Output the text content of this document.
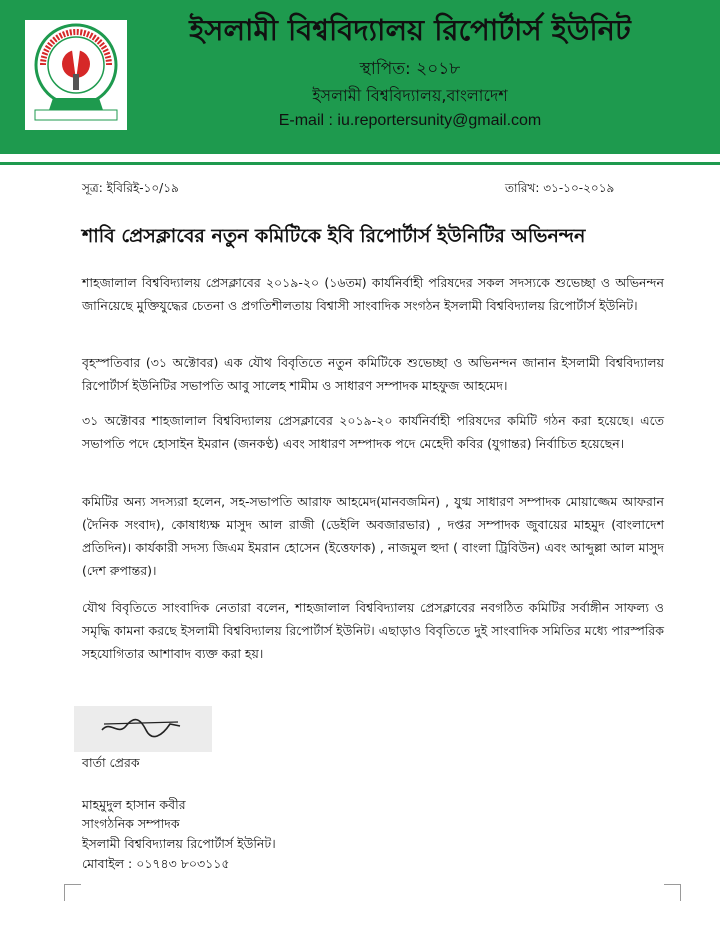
ইসলামী বিশ্ববিদ্যালয় রিপোর্টার্স ইউনিট
স্থাপিত: ২০১৮
ইসলামী বিশ্ববিদ্যালয়,বাংলাদেশ
E-mail : iu.reportersunity@gmail.com
সূত্র: ইবিরিই-১০/১৯	তারিখ: ৩১-১০-২০১৯
শাবি প্রেসক্লাবের নতুন কমিটিকে ইবি রিপোর্টার্স ইউনিটির অভিনন্দন

শাহজালাল বিশ্ববিদ্যালয় প্রেসক্লাবের ২০১৯-২০ (১৬তম) কার্যনির্বাহী পরিষদের সকল সদস্যকে শুভেচ্ছা ও অভিনন্দন জানিয়েছে মুক্তিযুদ্ধের চেতনা ও প্রগতিশীলতায় বিশ্বাসী সাংবাদিক সংগঠন ইসলামী বিশ্ববিদ্যালয় রিপোর্টার্স ইউনিট।

বৃহস্পতিবার (৩১ অক্টোবর) এক যৌথ বিবৃতিতে নতুন কমিটিকে শুভেচ্ছা ও অভিনন্দন জানান ইসলামী বিশ্ববিদ্যালয় রিপোর্টার্স ইউনিটির সভাপতি আবু সালেহ শামীম ও সাধারণ সম্পাদক মাহফুজ আহমেদ।

৩১ অক্টোবর শাহজালাল বিশ্ববিদ্যালয় প্রেসক্লাবের ২০১৯-২০ কার্যনির্বাহী পরিষদের কমিটি গঠন করা হয়েছে। এতে সভাপতি পদে হোসাইন ইমরান (জনকণ্ঠ) এবং সাধারণ সম্পাদক পদে মেহেদী কবির (যুগান্তর) নির্বাচিত হয়েছেন।

কমিটির অন্য সদস্যরা হলেন, সহ-সভাপতি আরাফ আহমেদ(মানবজমিন) , যুগ্ম সাধারণ সম্পাদক মোয়াজ্জেম আফরান (দৈনিক সংবাদ), কোষাধ্যক্ষ মাসুদ আল রাজী (ডেইলি অবজারভার) , দপ্তর সম্পাদক জুবায়ের মাহমুদ (বাংলাদেশ প্রতিদিন)। কার্যকারী সদস্য জিএম ইমরান হোসেন (ইত্তেফাক) , নাজমুল হুদা ( বাংলা ট্রিবিউন) এবং আব্দুল্লা আল মাসুদ (দেশ রুপান্তর)।

যৌথ বিবৃতিতে সাংবাদিক নেতারা বলেন, শাহজালাল বিশ্ববিদ্যালয় প্রেসক্লাবের নবগঠিত কমিটির সর্বাঙ্গীন সাফল্য ও সমৃদ্ধি কামনা করছে ইসলামী বিশ্ববিদ্যালয় রিপোর্টার্স ইউনিট। এছাড়াও বিবৃতিতে দুই সাংবাদিক সমিতির মধ্যে পারস্পরিক সহযোগিতার আশাবাদ ব্যক্ত করা হয়।

বার্তা প্রেরক
মাহমুদুল হাসান কবীর
সাংগঠনিক সম্পাদক
ইসলামী বিশ্ববিদ্যালয় রিপোর্টার্স ইউনিট।
মোবাইল : ০১৭৪৩ ৮০৩১১৫
